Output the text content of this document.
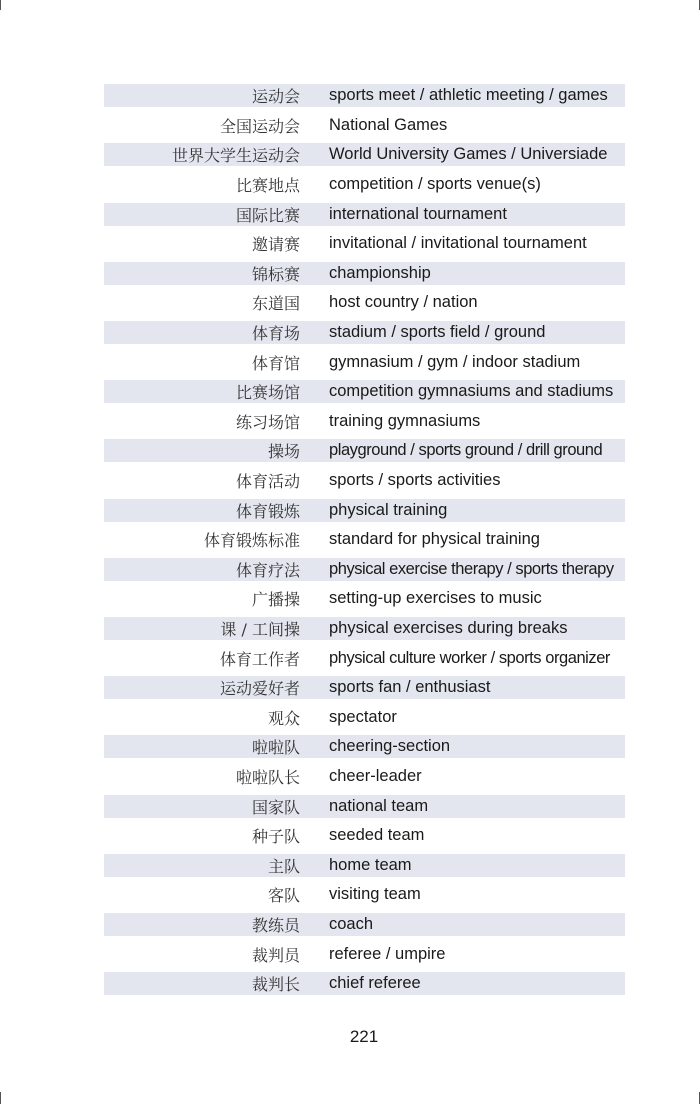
运动会 sports meet / athletic meeting / games
全国运动会 National Games
世界大学生运动会 World University Games / Universiade
比赛地点 competition / sports venue(s)
国际比赛 international tournament
邀请赛 invitational / invitational tournament
锦标赛 championship
东道国 host country / nation
体育场 stadium / sports field / ground
体育馆 gymnasium / gym / indoor stadium
比赛场馆 competition gymnasiums and stadiums
练习场馆 training gymnasiums
操场 playground / sports ground / drill ground
体育活动 sports / sports activities
体育锻炼 physical training
体育锻炼标准 standard for physical training
体育疗法 physical exercise therapy / sports therapy
广播操 setting-up exercises to music
课 / 工间操 physical exercises during breaks
体育工作者 physical culture worker / sports organizer
运动爱好者 sports fan / enthusiast
观众 spectator
啦啦队 cheering-section
啦啦队长 cheer-leader
国家队 national team
种子队 seeded team
主队 home team
客队 visiting team
教练员 coach
裁判员 referee / umpire
裁判长 chief referee
221
